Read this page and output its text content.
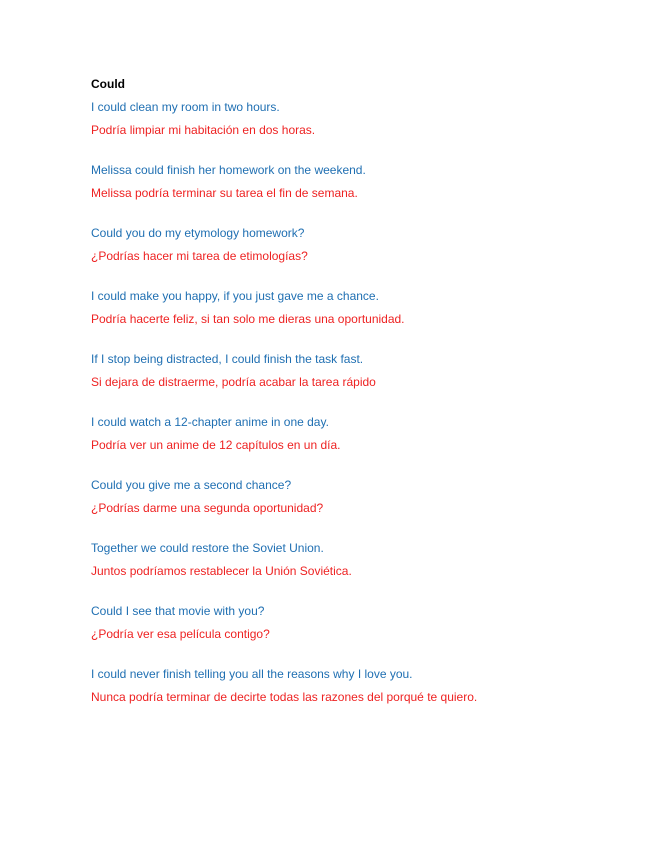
Could
I could clean my room in two hours.
Podría limpiar mi habitación en dos horas.
Melissa could finish her homework on the weekend.
Melissa podría terminar su tarea el fin de semana.
Could you do my etymology homework?
¿Podrías hacer mi tarea de etimologías?
I could make you happy, if you just gave me a chance.
Podría hacerte feliz, si tan solo me dieras una oportunidad.
If I stop being distracted, I could finish the task fast.
Si dejara de distraerme, podría acabar la tarea rápido
I could watch a 12-chapter anime in one day.
Podría ver un anime de 12 capítulos en un día.
Could you give me a second chance?
¿Podrías darme una segunda oportunidad?
Together we could restore the Soviet Union.
Juntos podríamos restablecer la Unión Soviética.
Could I see that movie with you?
¿Podría ver esa película contigo?
I could never finish telling you all the reasons why I love you.
Nunca podría terminar de decirte todas las razones del porqué te quiero.
